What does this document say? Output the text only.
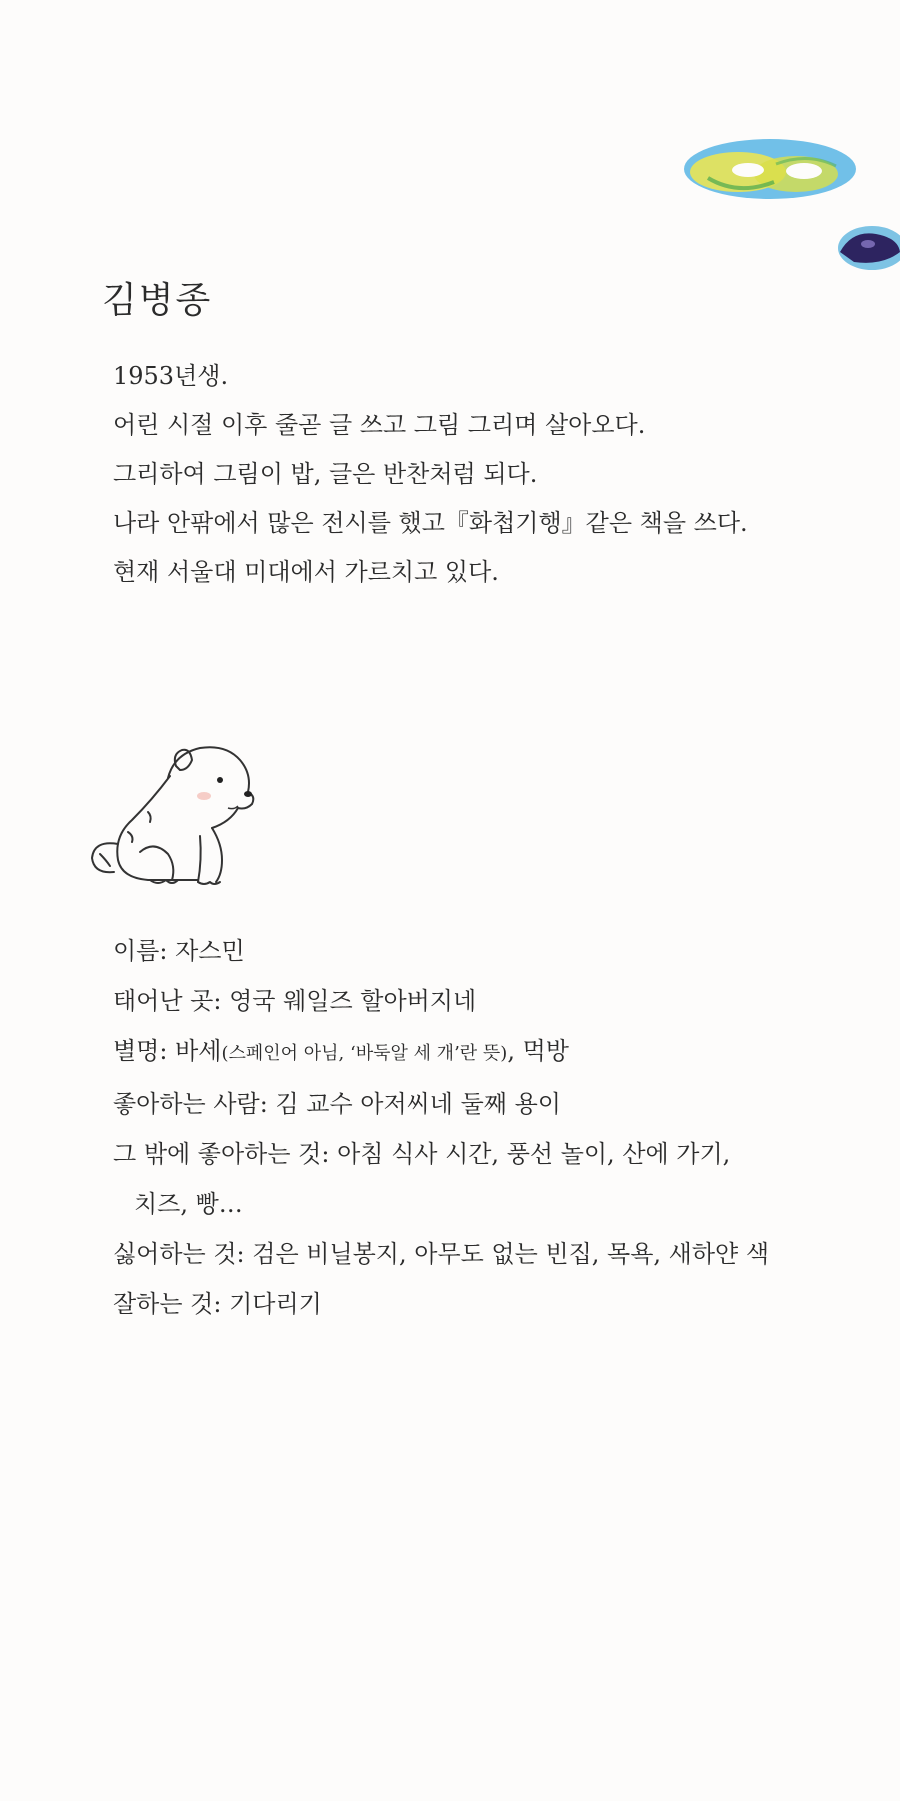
김병종
1953년생.
어린 시절 이후 줄곧 글 쓰고 그림 그리며 살아오다.
그리하여 그림이 밥, 글은 반찬처럼 되다.
나라 안팎에서 많은 전시를 했고『화첩기행』같은 책을 쓰다.
현재 서울대 미대에서 가르치고 있다.
이름: 자스민
태어난 곳: 영국 웨일즈 할아버지네
별명: 바세(스페인어 아님, ‘바둑알 세 개’란 뜻), 먹방
좋아하는 사람: 김 교수 아저씨네 둘째 용이
그 밖에 좋아하는 것: 아침 식사 시간, 풍선 놀이, 산에 가기,
치즈, 빵…
싫어하는 것: 검은 비닐봉지, 아무도 없는 빈집, 목욕, 새하얀 색
잘하는 것: 기다리기
